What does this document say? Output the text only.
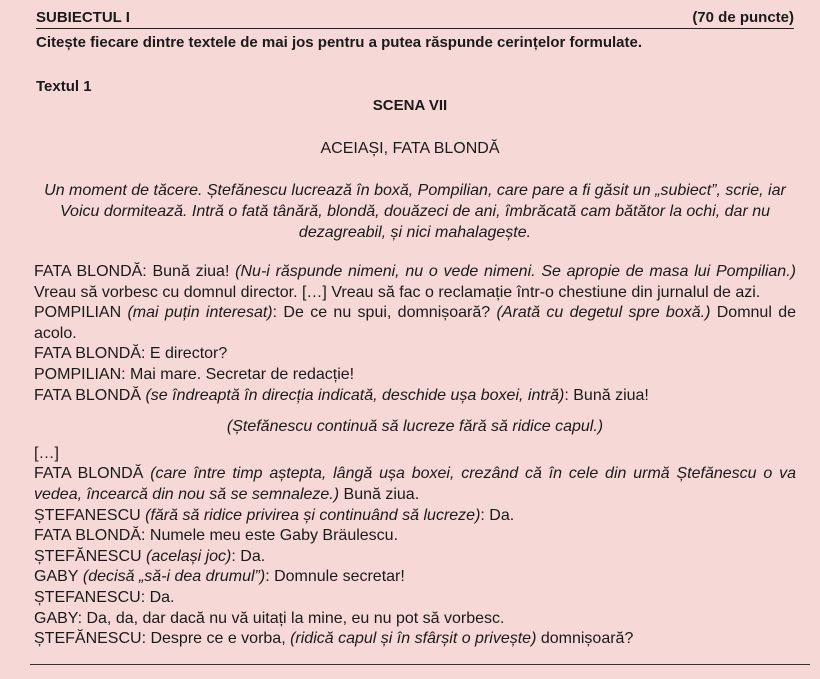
SUBIECTUL I	(70 de puncte)
Citește fiecare dintre textele de mai jos pentru a putea răspunde cerințelor formulate.
Textul 1
SCENA VII
ACEIAȘI, FATA BLONDĂ
Un moment de tăcere. Ștefănescu lucrează în boxă, Pompilian, care pare a fi găsit un „subiect”, scrie, iar Voicu dormitează. Intră o fată tânără, blondă, douăzeci de ani, îmbrăcată cam bătător la ochi, dar nu dezagreabil, și nici mahalagește.

FATA BLONDĂ: Bună ziua! (Nu-i răspunde nimeni, nu o vede nimeni. Se apropie de masa lui Pompilian.) Vreau să vorbesc cu domnul director. […] Vreau să fac o reclamație într-o chestiune din jurnalul de azi.

POMPILIAN (mai puțin interesat): De ce nu spui, domnișoară? (Arată cu degetul spre boxă.) Domnul de acolo.

FATA BLONDĂ: E director?

POMPILIAN: Mai mare. Secretar de redacție!

FATA BLONDĂ (se îndreaptă în direcția indicată, deschide ușa boxei, intră): Bună ziua!

(Ștefănescu continuă să lucreze fără să ridice capul.)

[…]

FATA BLONDĂ (care între timp aștepta, lângă ușa boxei, crezând că în cele din urmă Ștefănescu o va vedea, încearcă din nou să se semnaleze.) Bună ziua.

ȘTEFANESCU (fără să ridice privirea și continuând să lucreze): Da.

FATA BLONDĂ: Numele meu este Gaby Bräulescu.

ȘTEFĂNESCU (același joc): Da.

GABY (decisă „să-i dea drumul”): Domnule secretar!

ȘTEFANESCU: Da.

GABY: Da, da, dar dacă nu vă uitați la mine, eu nu pot să vorbesc.

ȘTEFĂNESCU: Despre ce e vorba, (ridică capul și în sfârșit o privește) domnișoară?
